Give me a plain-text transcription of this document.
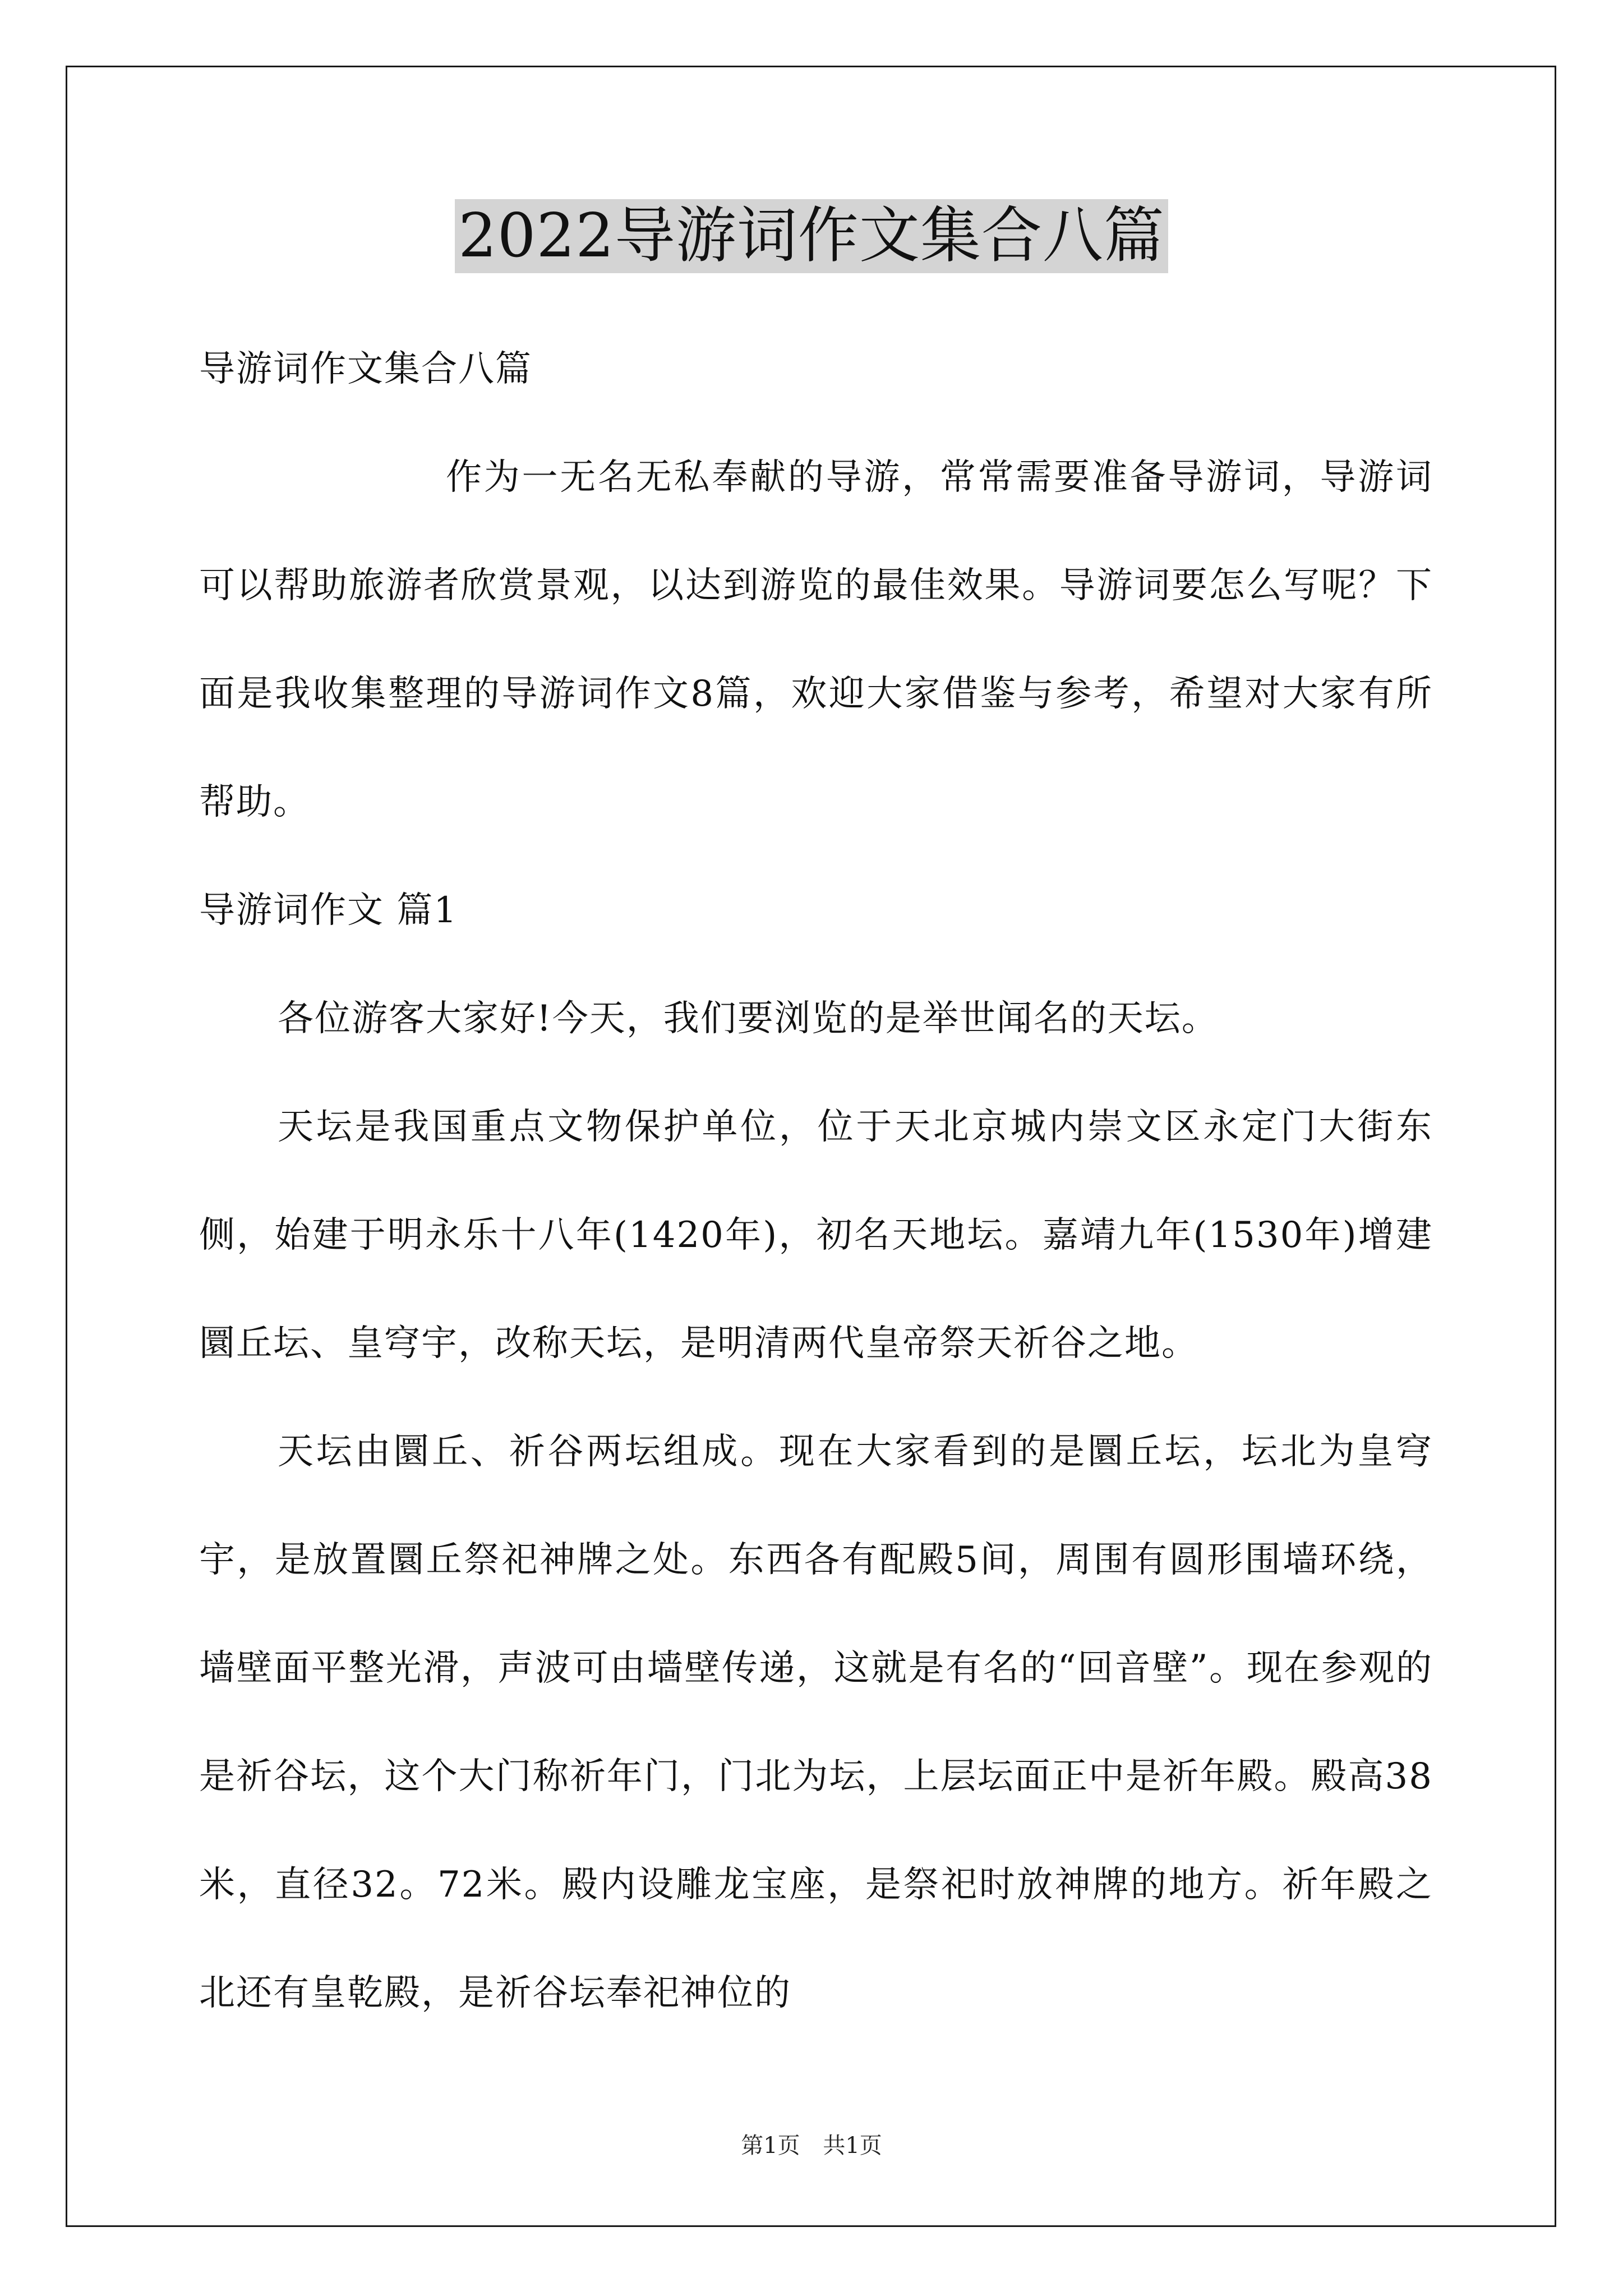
2022导游词作文集合八篇

导游词作文集合八篇

作为一无名无私奉献的导游，常常需要准备导游词，导游词可以帮助旅游者欣赏景观，以达到游览的最佳效果。导游词要怎么写呢？下面是我收集整理的导游词作文8篇，欢迎大家借鉴与参考，希望对大家有所帮助。

导游词作文 篇1

各位游客大家好!今天，我们要浏览的是举世闻名的天坛。

天坛是我国重点文物保护单位，位于天北京城内崇文区永定门大街东侧，始建于明永乐十八年(1420年)，初名天地坛。嘉靖九年(1530年)增建圜丘坛、皇穹宇，改称天坛，是明清两代皇帝祭天祈谷之地。

天坛由圜丘、祈谷两坛组成。现在大家看到的是圜丘坛，坛北为皇穹宇，是放置圜丘祭祀神牌之处。东西各有配殿5间，周围有圆形围墙环绕，墙壁面平整光滑，声波可由墙壁传递，这就是有名的“回音壁”。现在参观的是祈谷坛，这个大门称祈年门，门北为坛，上层坛面正中是祈年殿。殿高38米，直径32。72米。殿内设雕龙宝座，是祭祀时放神牌的地方。祈年殿之北还有皇乾殿，是祈谷坛奉祀神位的

第1页 共1页
